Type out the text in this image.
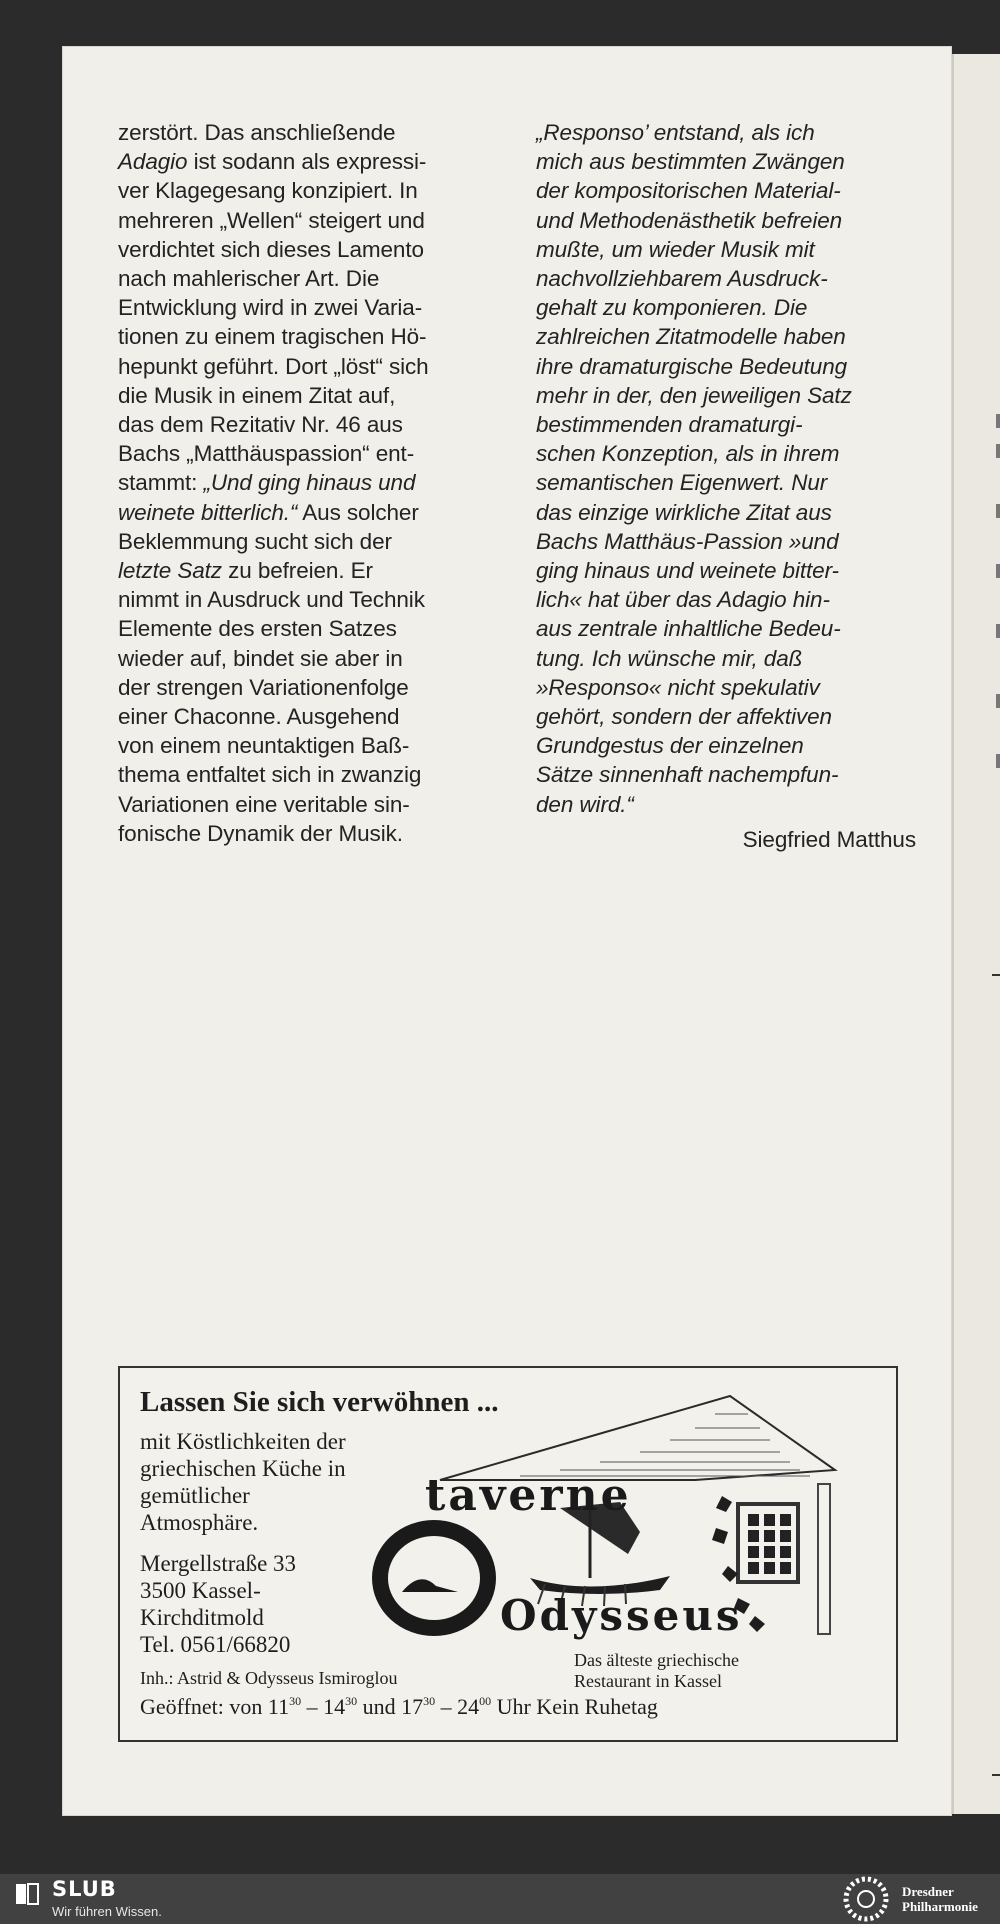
zerstört. Das anschließende
Adagio ist sodann als expressi-
ver Klagegesang konzipiert. In
mehreren „Wellen“ steigert und
verdichtet sich dieses Lamento
nach mahlerischer Art. Die
Entwicklung wird in zwei Varia-
tionen zu einem tragischen Hö-
hepunkt geführt. Dort „löst“ sich
die Musik in einem Zitat auf,
das dem Rezitativ Nr. 46 aus
Bachs „Matthäuspassion“ ent-
stammt: „Und ging hinaus und
weinete bitterlich.“ Aus solcher
Beklemmung sucht sich der
letzte Satz zu befreien. Er
nimmt in Ausdruck und Technik
Elemente des ersten Satzes
wieder auf, bindet sie aber in
der strengen Variationenfolge
einer Chaconne. Ausgehend
von einem neuntaktigen Baß-
thema entfaltet sich in zwanzig
Variationen eine veritable sin-
fonische Dynamik der Musik.
„Responso’ entstand, als ich
mich aus bestimmten Zwängen
der kompositorischen Material-
und Methodenästhetik befreien
mußte, um wieder Musik mit
nachvollziehbarem Ausdruck-
gehalt zu komponieren. Die
zahlreichen Zitatmodelle haben
ihre dramaturgische Bedeutung
mehr in der, den jeweiligen Satz
bestimmenden dramaturgi-
schen Konzeption, als in ihrem
semantischen Eigenwert. Nur
das einzige wirkliche Zitat aus
Bachs Matthäus-Passion »und
ging hinaus und weinete bitter-
lich« hat über das Adagio hin-
aus zentrale inhaltliche Bedeu-
tung. Ich wünsche mir, daß
»Responso« nicht spekulativ
gehört, sondern der affektiven
Grundgestus der einzelnen
Sätze sinnenhaft nachempfun-
den wird.“
Siegfried Matthus
Lassen Sie sich verwöhnen ...
mit Köstlichkeiten der
griechischen Küche in
gemütlicher
Atmosphäre.
Mergellstraße 33
3500 Kassel-
Kirchditmold
Tel. 0561/66820
taverne
Odysseus
Das älteste griechische
Restaurant in Kassel
Inh.: Astrid & Odysseus Ismiroglou
Geöffnet: von $11^{30} - 14^{30}$ und $17^{30} - 24^{00}$ Uhr Kein Ruhetag
SLUB
Wir führen Wissen.
Dresdner
Philharmonie
